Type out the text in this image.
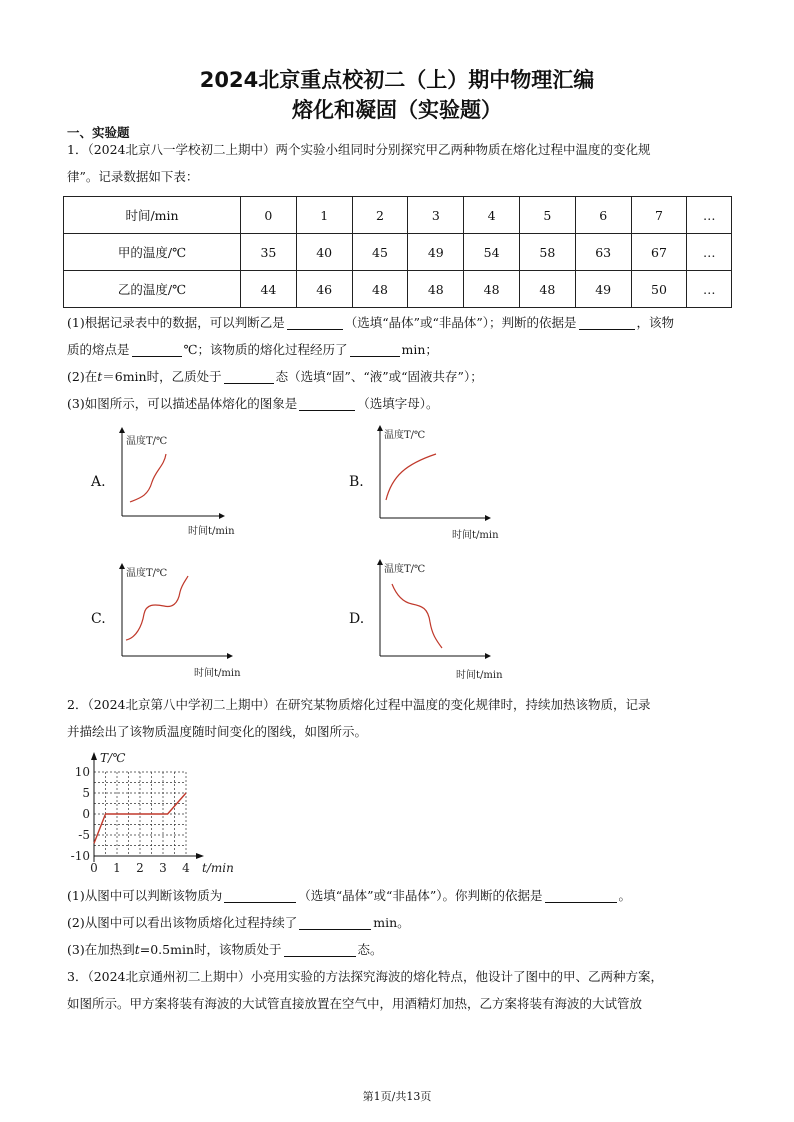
2024北京重点校初二（上）期中物理汇编
熔化和凝固（实验题）
一、实验题
1．（2024北京八一学校初二上期中）两个实验小组同时分别探究甲乙两种物质在熔化过程中温度的变化规
律”。记录数据如下表：
时间/min	0	1	2	3	4	5	6	7	…
甲的温度/℃	35	40	45	49	54	58	63	67	…
乙的温度/℃	44	46	48	48	48	48	49	50	…
(1)根据记录表中的数据，可以判断乙是	（选填“晶体”或“非晶体”）；判断的依据是	，该物
质的熔点是	℃；该物质的熔化过程经历了	min；
(2)在t＝6min时，乙质处于	态（选填“固”、“液”或“固液共存”）；
(3)如图所示，可以描述晶体熔化的图象是	（选填字母）。
A.	B.
C.	D.
温度T/℃
时间t/min
温度T/℃
时间t/min
温度T/℃
时间t/min
温度T/℃
时间t/min
2．（2024北京第八中学初二上期中）在研究某物质熔化过程中温度的变化规律时，持续加热该物质，记录
并描绘出了该物质温度随时间变化的图线，如图所示。
10
5
0
-5
-10
0 1 2 3 4
T/℃
t/min
(1)从图中可以判断该物质为	（选填“晶体”或“非晶体”）。你判断的依据是	。
(2)从图中可以看出该物质熔化过程持续了	min。
(3)在加热到t=0.5min时，该物质处于	态。
3．（2024北京通州初二上期中）小亮用实验的方法探究海波的熔化特点，他设计了图中的甲、乙两种方案，
如图所示。甲方案将装有海波的大试管直接放置在空气中，用酒精灯加热，乙方案将装有海波的大试管放
第1页/共13页
